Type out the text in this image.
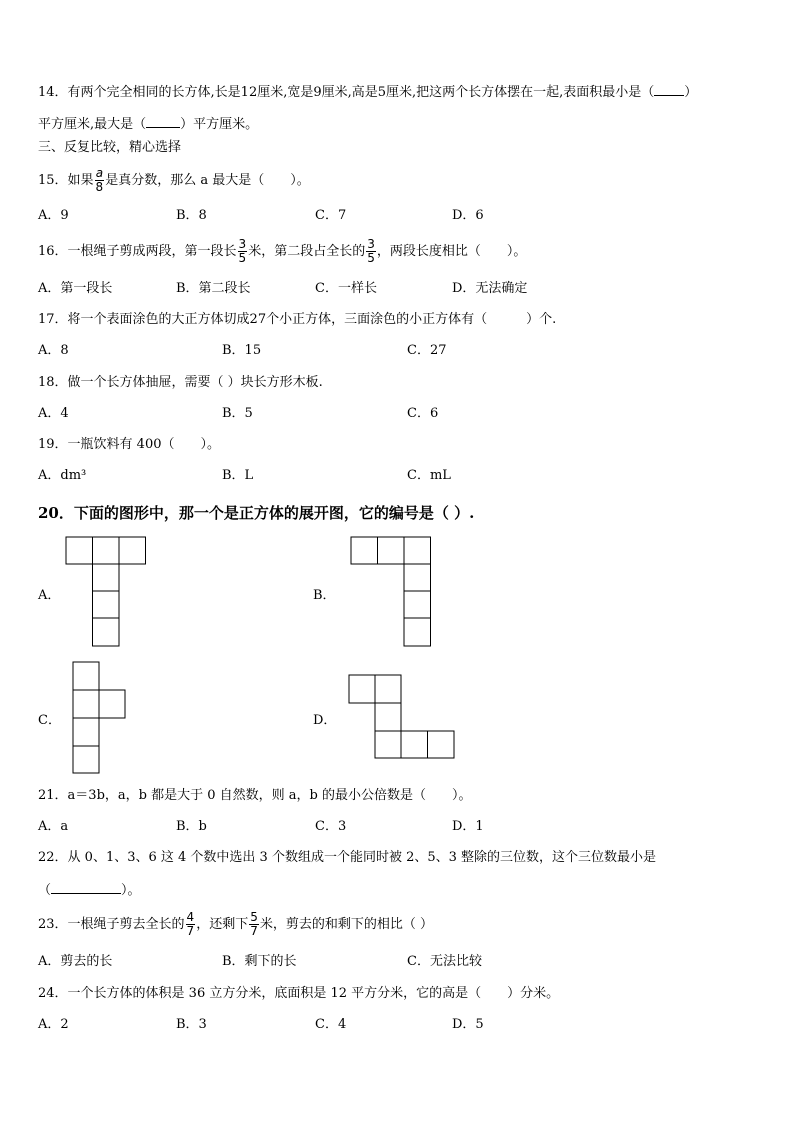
14．有两个完全相同的长方体,长是12厘米,宽是9厘米,高是5厘米,把这两个长方体摆在一起,表面积最小是（ ）
平方厘米,最大是（	）平方厘米。
三、反复比较，精心选择
15．如果 $\frac{a}{8}$ 是真分数，那么 a 最大是（　　）。
A．9	B．8	C．7	D．6
16．一根绳子剪成两段，第一段长 $\frac{3}{5}$ 米，第二段占全长的 $\frac{3}{5}$ ，两段长度相比（　　）。
A．第一段长	B．第二段长	C．一样长	D．无法确定
17．将一个表面涂色的大正方体切成27个小正方体，三面涂色的小正方体有（　　　）个.
A．8	B．15	C．27
18．做一个长方体抽屉，需要（ ）块长方形木板.
A．4	B．5	C．6
19．一瓶饮料有 400（　　）。
A．dm³	B．L	C．mL
20．下面的图形中，那一个是正方体的展开图，它的编号是（ ）.
A．	B．
C．	D．
21．a＝3b，a，b 都是大于 0 自然数，则 a，b 的最小公倍数是（　　）。
A．a	B．b	C．3	D．1
22．从 0、1、3、6 这 4 个数中选出 3 个数组成一个能同时被 2、5、3 整除的三位数，这个三位数最小是
（	）。
23．一根绳子剪去全长的 $\frac{4}{7}$ ，还剩下 $\frac{5}{7}$ 米，剪去的和剩下的相比（ ）
A．剪去的长	B．剩下的长	C．无法比较
24．一个长方体的体积是 36 立方分米，底面积是 12 平方分米，它的高是（　　）分米。
A．2	B．3	C．4	D．5
